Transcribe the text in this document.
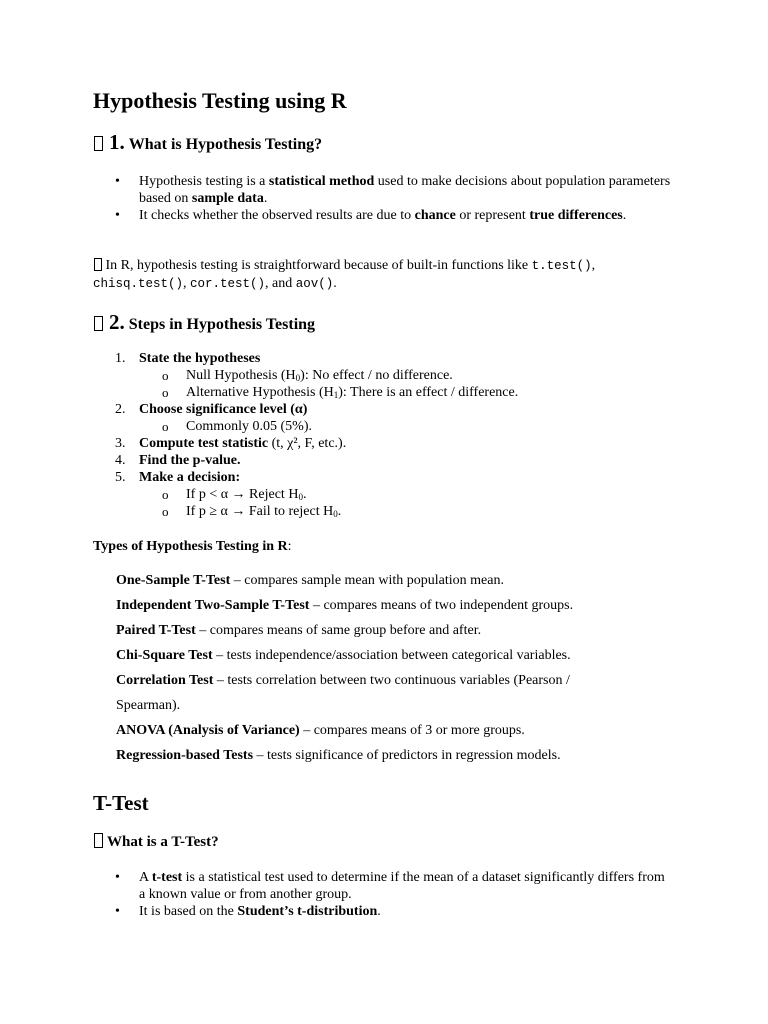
Hypothesis Testing using R
1. What is Hypothesis Testing?
• Hypothesis testing is a statistical method used to make decisions about population parameters based on sample data.
• It checks whether the observed results are due to chance or represent true differences.
In R, hypothesis testing is straightforward because of built-in functions like t.test(),
chisq.test(), cor.test(), and aov().
2. Steps in Hypothesis Testing
1. State the hypotheses
o Null Hypothesis $(H_0)$: No effect / no difference.
o Alternative Hypothesis $(H_1)$: There is an effect / difference.
2. Choose significance level (α)
o Commonly 0.05 (5%).
3. Compute test statistic (t, χ², F, etc.).
4. Find the p-value.
5. Make a decision:
o If p < α → Reject $H_0$.
o If p ≥ α → Fail to reject $H_0$.
Types of Hypothesis Testing in R:
One-Sample T-Test – compares sample mean with population mean.
Independent Two-Sample T-Test – compares means of two independent groups.
Paired T-Test – compares means of same group before and after.
Chi-Square Test – tests independence/association between categorical variables.
Correlation Test – tests correlation between two continuous variables (Pearson / Spearman).
ANOVA (Analysis of Variance) – compares means of 3 or more groups.
Regression-based Tests – tests significance of predictors in regression models.
T-Test
What is a T-Test?
• A t-test is a statistical test used to determine if the mean of a dataset significantly differs from a known value or from another group.
• It is based on the Student’s t-distribution.
